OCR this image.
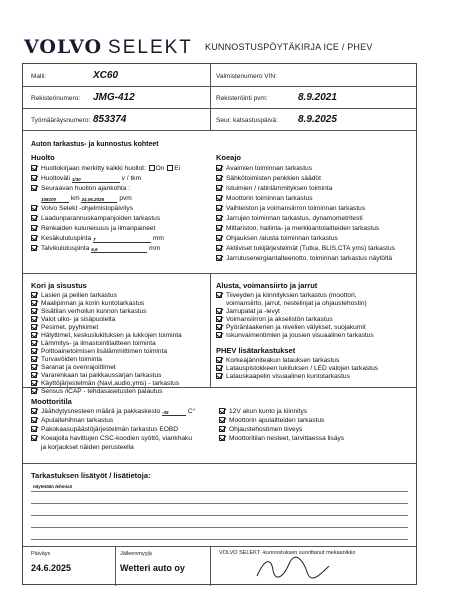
VOLVO SELEKT KUNNOSTUSPÖYTÄKIRJA ICE / PHEV
Malli:	XC60	Valmistenumero VIN:
Rekisterinumero: JMG-412	Rekisteröinti pvm:	8.9.2021
Työmääräysnumero: 853374	Seur. katsastuspäivä: 8.9.2025
Auton tarkastus- ja kunnostus kohteet
Huolto	Koeajo
Huoltokirjaan merkitty kaikki huollot: On Ei
Huoltoväli 1/30	v / tkm
Seuraavan huollon ajankohta :
108100 km 24.06.2026 pvm
Volvo Selekt -ohjelmistopäivitys
Laadunparannuskampanjoiden tarkastus
Renkaiden kuluneisuus ja ilmanpaineet
Kesäkulutuspinta 7	mm
Talvikulutuspinta 6,6	mm
Avaimien toiminnan tarkastus
Sähkötoimisten penkkien säädöt
Istuimien / ratinlämmityksen toiminta
Moottorin toiminnan tarkastus
Vaihteiston ja voimansiirron toiminnan tarkastus
Jarrujen toiminnan tarkastus, dynamometritesti
Mittariston, hallinta- ja merkkiantolaitteiden tarkastus
Ohjauksen /alusta toiminnan tarkastus
Aktiiviset tukijärjestelmät (Tutka, BLIS,CTA yms) tarkastus
Jarrutusenergiantalteenotto, toiminnan tarkastus näytöltä
Kori ja sisustus
Lasien ja peilien tarkastus
Maalipinnan ja korin kuntotarkastus
Sisätilan verhoilun kunnon tarkastus
Valot ulko- ja sisäpuolelta
Pesimet, pyyhkimet
Hälyttimet, keskuslukituksen ja lukkojen toiminta
Lämmitys- ja ilmastointilaitteen toiminta
Polttoainetoimisen lisälämmittimen toiminta
Turvavöiden toiminta
Saranat ja ovenrajoittimet
Vararenkaan tai paikkaussarjan tarkastus
Käyttöjärjestelmän (Navi,audio,yms) - tarkastus
Sensus /iCAP - tehdasasetusten palautus
Alusta, voimansiirto ja jarrut
Tiiveyden ja kiinnityksien tarkastus (moottori,
voimansiirto, jarrut, nestelinjat ja ohjaustehostin)
Jarrupalat ja -levyt
Voimansiirron ja akselistön tarkastus
Pyöränlaakerien ja nivelien välykset, suojakumit
Iskunvaimentimien ja jousien visuaalinen tarkastus
PHEV lisätarkastukset
Korkeajänniteakun latauksen tarkastus
Latauspistokkeen lukituksen / LED valojen tarkastus
Latauskaapelin visuaalinen kuntotarkastus
Moottoritila
Jäähdytysnesteen määrä ja pakkaskesto -36	C°
Apulaitehihnan tarkastus
Pakokaasupäästöjärjestelmän tarkastus EOBD
Koeajolla havittujen CSC-koodien syöttö, viankhaku
ja korjaukset näiden perusteella
12V akun kunto ja kiinnitys
Moottorin apulaitteiden tarkastus
Ohjaustehostimen tiiveys
Moottoritilan nesteet, tarvittaessa lisäys
Tarkastuksen lisätyöt / lisätietoja:
näytetään lehmisä
Päiväys
24.6.2025
Jälleenmyyjä
Wetteri auto oy
VOLVO SELEKT -kunnostuksen suorittanut mekaanikko
